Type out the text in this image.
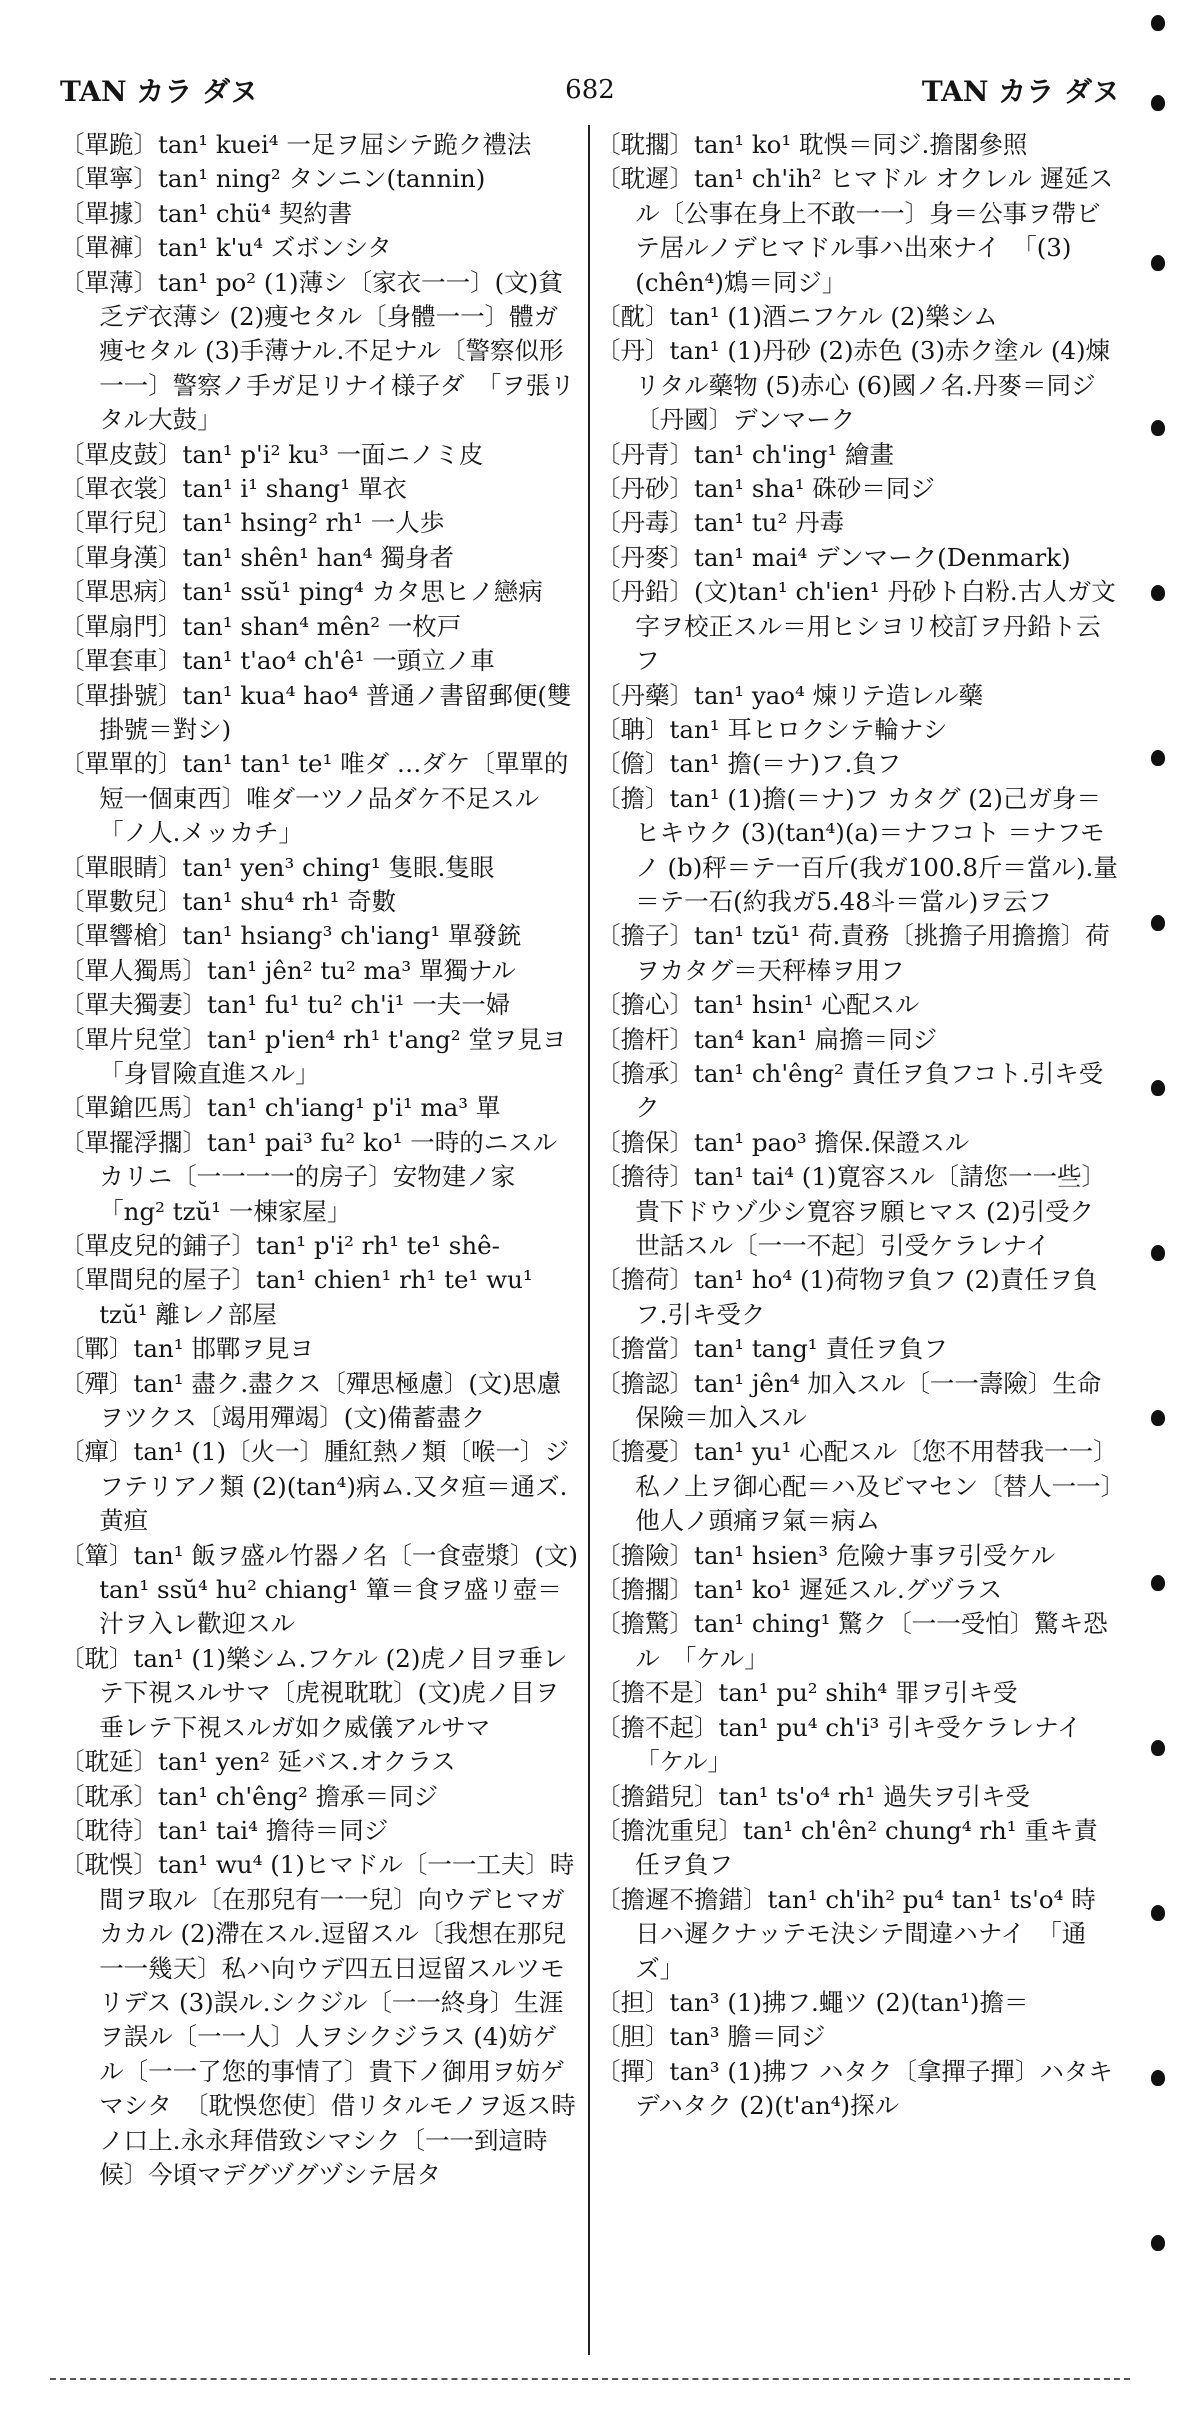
TAN カラ ダヌ	682	TAN カラ ダヌ

〔單跪〕tan¹ kuei⁴ 一足ヲ屈シテ跪ク禮法

〔單寧〕tan¹ ning² タンニン(tannin)

〔單據〕tan¹ chü⁴ 契約書

〔單褲〕tan¹ k'u⁴ ズボンシタ

〔單薄〕tan¹ po² (1)薄シ〔家衣一一〕(文)貧乏デ衣薄シ (2)痩セタル〔身體一一〕體ガ痩セタル (3)手薄ナル.不足ナル〔警察似形一一〕警察ノ手ガ足リナイ様子ダ　「ヲ張リタル大鼓」

〔單皮鼓〕tan¹ p'i² ku³ 一面ニノミ皮

〔單衣裳〕tan¹ i¹ shang¹ 單衣

〔單行兒〕tan¹ hsing² rh¹ 一人歩

〔單身漢〕tan¹ shên¹ han⁴ 獨身者

〔單思病〕tan¹ ssŭ¹ ping⁴ カタ思ヒノ戀病

〔單扇門〕tan¹ shan⁴ mên² 一枚戸

〔單套車〕tan¹ t'ao⁴ ch'ê¹ 一頭立ノ車

〔單掛號〕tan¹ kua⁴ hao⁴ 普通ノ書留郵便(雙掛號＝對シ)

〔單單的〕tan¹ tan¹ te¹ 唯ダ …ダケ〔單單的短一個東西〕唯ダ一ツノ品ダケ不足スル　「ノ人.メッカチ」

〔單眼睛〕tan¹ yen³ ching¹ 隻眼.隻眼

〔單數兒〕tan¹ shu⁴ rh¹ 奇數

〔單響槍〕tan¹ hsiang³ ch'iang¹ 單發銃

〔單人獨馬〕tan¹ jên² tu² ma³ 單獨ナル

〔單夫獨妻〕tan¹ fu¹ tu² ch'i¹ 一夫一婦

〔單片兒堂〕tan¹ p'ien⁴ rh¹ t'ang² 堂ヲ見ヨ　「身冒險直進スル」

〔單鎗匹馬〕tan¹ ch'iang¹ p'i¹ ma³ 單

〔單擺浮擱〕tan¹ pai³ fu² ko¹ 一時的ニスル カリニ〔一一一一的房子〕安物建ノ家　「ng² tzŭ¹ 一棟家屋」

〔單皮兒的鋪子〕tan¹ p'i² rh¹ te¹ shê-

〔單間兒的屋子〕tan¹ chien¹ rh¹ te¹ wu¹ tzŭ¹ 離レノ部屋

〔鄲〕tan¹ 邯鄲ヲ見ヨ

〔殫〕tan¹ 盡ク.盡クス〔殫思極慮〕(文)思慮ヲツクス〔竭用殫竭〕(文)備蓄盡ク

〔癉〕tan¹ (1)〔火一〕腫紅熱ノ類〔喉一〕ジフテリアノ類 (2)(tan⁴)病ム.又タ疸＝通ズ.黄疸

〔簞〕tan¹ 飯ヲ盛ル竹器ノ名〔一食壺漿〕(文) tan¹ ssŭ⁴ hu² chiang¹ 簞＝食ヲ盛リ壺＝汁ヲ入レ歡迎スル

〔耽〕tan¹ (1)樂シム.フケル (2)虎ノ目ヲ垂レテ下視スルサマ〔虎視耽耽〕(文)虎ノ目ヲ垂レテ下視スルガ如ク威儀アルサマ

〔耽延〕tan¹ yen² 延バス.オクラス

〔耽承〕tan¹ ch'êng² 擔承＝同ジ

〔耽待〕tan¹ tai⁴ 擔待＝同ジ

〔耽悞〕tan¹ wu⁴ (1)ヒマドル〔一一工夫〕時間ヲ取ル〔在那兒有一一兒〕向ウデヒマガカカル (2)滯在スル.逗留スル〔我想在那兒一一幾天〕私ハ向ウデ四五日逗留スルツモリデス (3)誤ル.シクジル〔一一終身〕生涯ヲ誤ル〔一一人〕人ヲシクジラス (4)妨ゲル〔一一了您的事情了〕貴下ノ御用ヲ妨ゲマシタ　〔耽悞您使〕借リタルモノヲ返ス時ノ口上.永永拜借致シマシク〔一一到這時候〕今頃マデグヅグヅシテ居タ

〔耽擱〕tan¹ ko¹ 耽悞＝同ジ.擔閣參照

〔耽遲〕tan¹ ch'ih² ヒマドル オクレル 遲延スル〔公事在身上不敢一一〕身＝公事ヲ帶ビテ居ルノデヒマドル事ハ出來ナイ　「(3)(chên⁴)鴆＝同ジ」

〔酖〕tan¹ (1)酒ニフケル (2)樂シム

〔丹〕tan¹ (1)丹砂 (2)赤色 (3)赤ク塗ル (4)煉リタル藥物 (5)赤心 (6)國ノ名.丹麥＝同ジ〔丹國〕デンマーク

〔丹青〕tan¹ ch'ing¹ 繪畫

〔丹砂〕tan¹ sha¹ 硃砂＝同ジ

〔丹毒〕tan¹ tu² 丹毒

〔丹麥〕tan¹ mai⁴ デンマーク(Denmark)

〔丹鉛〕(文)tan¹ ch'ien¹ 丹砂ト白粉.古人ガ文字ヲ校正スル＝用ヒシヨリ校訂ヲ丹鉛ト云フ

〔丹藥〕tan¹ yao⁴ 煉リテ造レル藥

〔聃〕tan¹ 耳ヒロクシテ輪ナシ

〔儋〕tan¹ 擔(＝ナ)フ.負フ

〔擔〕tan¹ (1)擔(＝ナ)フ カタグ (2)己ガ身＝ヒキウク (3)(tan⁴)(a)＝ナフコト ＝ナフモノ (b)秤＝テ一百斤(我ガ100.8斤＝當ル).量＝テ一石(約我ガ5.48斗＝當ル)ヲ云フ

〔擔子〕tan¹ tzŭ¹ 荷.責務〔挑擔子用擔擔〕荷ヲカタグ＝天秤棒ヲ用フ

〔擔心〕tan¹ hsin¹ 心配スル

〔擔杆〕tan⁴ kan¹ 扁擔＝同ジ

〔擔承〕tan¹ ch'êng² 責任ヲ負フコト.引キ受ク

〔擔保〕tan¹ pao³ 擔保.保證スル

〔擔待〕tan¹ tai⁴ (1)寛容スル〔請您一一些〕貴下ドウゾ少シ寛容ヲ願ヒマス (2)引受ク 世話スル〔一一不起〕引受ケラレナイ

〔擔荷〕tan¹ ho⁴ (1)荷物ヲ負フ (2)責任ヲ負フ.引キ受ク

〔擔當〕tan¹ tang¹ 責任ヲ負フ

〔擔認〕tan¹ jên⁴ 加入スル〔一一壽險〕生命保險＝加入スル

〔擔憂〕tan¹ yu¹ 心配スル〔您不用替我一一〕私ノ上ヲ御心配＝ハ及ビマセン〔替人一一〕他人ノ頭痛ヲ氣＝病ム

〔擔險〕tan¹ hsien³ 危險ナ事ヲ引受ケル

〔擔擱〕tan¹ ko¹ 遲延スル.グヅラス

〔擔驚〕tan¹ ching¹ 驚ク〔一一受怕〕驚キ恐ル　「ケル」

〔擔不是〕tan¹ pu² shih⁴ 罪ヲ引キ受

〔擔不起〕tan¹ pu⁴ ch'i³ 引キ受ケラレナイ　「ケル」

〔擔錯兒〕tan¹ ts'o⁴ rh¹ 過失ヲ引キ受

〔擔沈重兒〕tan¹ ch'ên² chung⁴ rh¹ 重キ責任ヲ負フ

〔擔遲不擔錯〕tan¹ ch'ih² pu⁴ tan¹ ts'o⁴ 時日ハ遲クナッテモ決シテ間違ハナイ　「通ズ」

〔担〕tan³ (1)拂フ.蠅ツ (2)(tan¹)擔＝

〔胆〕tan³ 膽＝同ジ

〔撣〕tan³ (1)拂フ ハタク〔拿撣子撣〕ハタキデハタク (2)(t'an⁴)探ル
